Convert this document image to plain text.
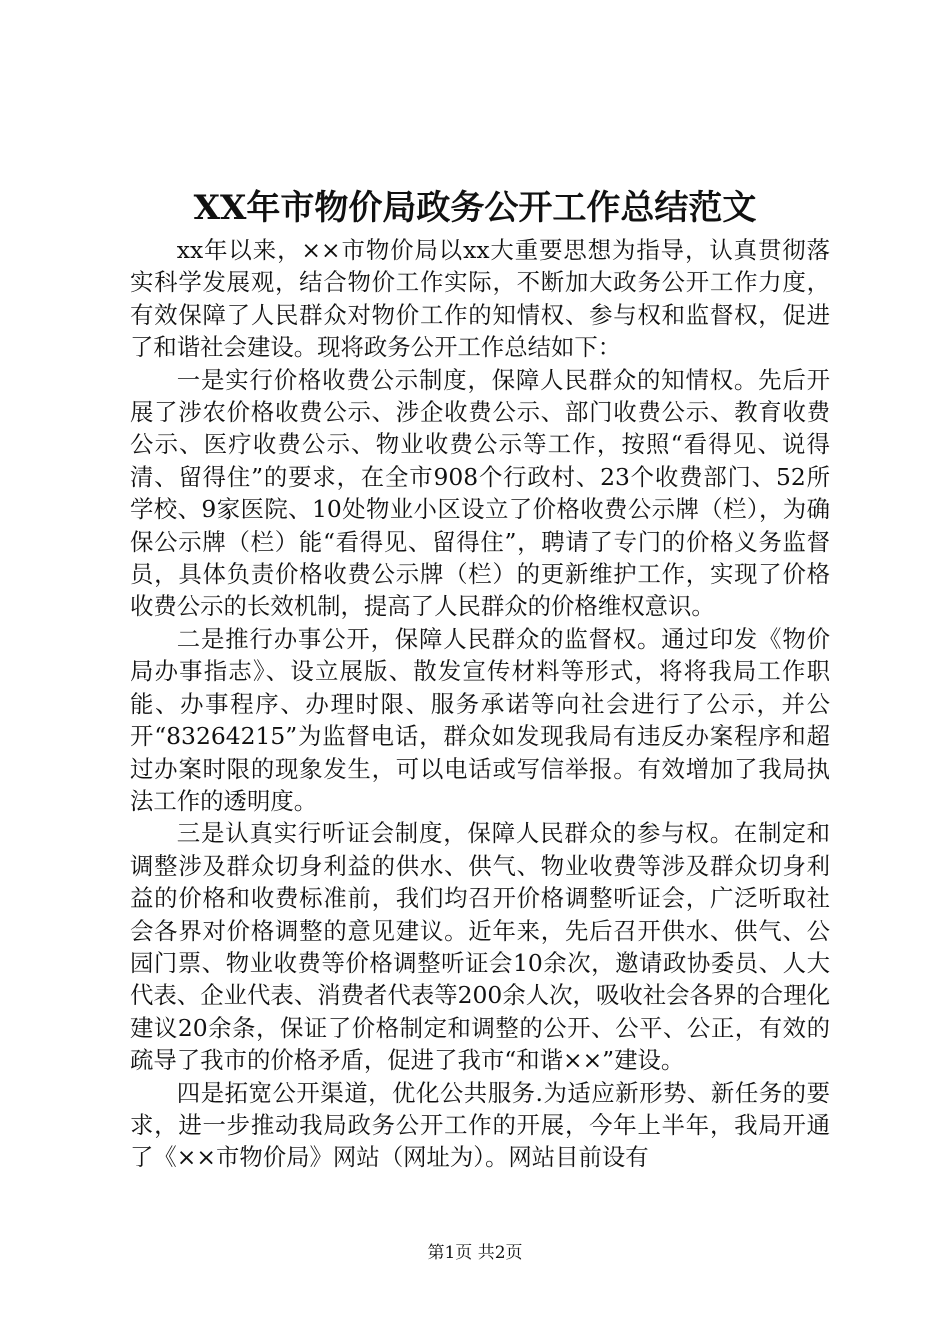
XX年市物价局政务公开工作总结范文

xx年以来，××市物价局以xx大重要思想为指导，认真贯彻落实科学发展观，结合物价工作实际，不断加大政务公开工作力度，有效保障了人民群众对物价工作的知情权、参与权和监督权，促进了和谐社会建设。现将政务公开工作总结如下：

一是实行价格收费公示制度，保障人民群众的知情权。先后开展了涉农价格收费公示、涉企收费公示、部门收费公示、教育收费公示、医疗收费公示、物业收费公示等工作，按照“看得见、说得清、留得住”的要求，在全市908个行政村、23个收费部门、52所学校、9家医院、10处物业小区设立了价格收费公示牌（栏），为确保公示牌（栏）能“看得见、留得住”，聘请了专门的价格义务监督员，具体负责价格收费公示牌（栏）的更新维护工作，实现了价格收费公示的长效机制，提高了人民群众的价格维权意识。

二是推行办事公开，保障人民群众的监督权。通过印发《物价局办事指志》、设立展版、散发宣传材料等形式，将将我局工作职能、办事程序、办理时限、服务承诺等向社会进行了公示，并公开“83264215”为监督电话，群众如发现我局有违反办案程序和超过办案时限的现象发生，可以电话或写信举报。有效增加了我局执法工作的透明度。

三是认真实行听证会制度，保障人民群众的参与权。在制定和调整涉及群众切身利益的供水、供气、物业收费等涉及群众切身利益的价格和收费标准前，我们均召开价格调整听证会，广泛听取社会各界对价格调整的意见建议。近年来，先后召开供水、供气、公园门票、物业收费等价格调整听证会10余次，邀请政协委员、人大代表、企业代表、消费者代表等200余人次，吸收社会各界的合理化建议20余条，保证了价格制定和调整的公开、公平、公正，有效的疏导了我市的价格矛盾，促进了我市“和谐××”建设。

四是拓宽公开渠道，优化公共服务.为适应新形势、新任务的要求，进一步推动我局政务公开工作的开展，今年上半年，我局开通了《××市物价局》网站（网址为）。网站目前设有

第1页 共2页
